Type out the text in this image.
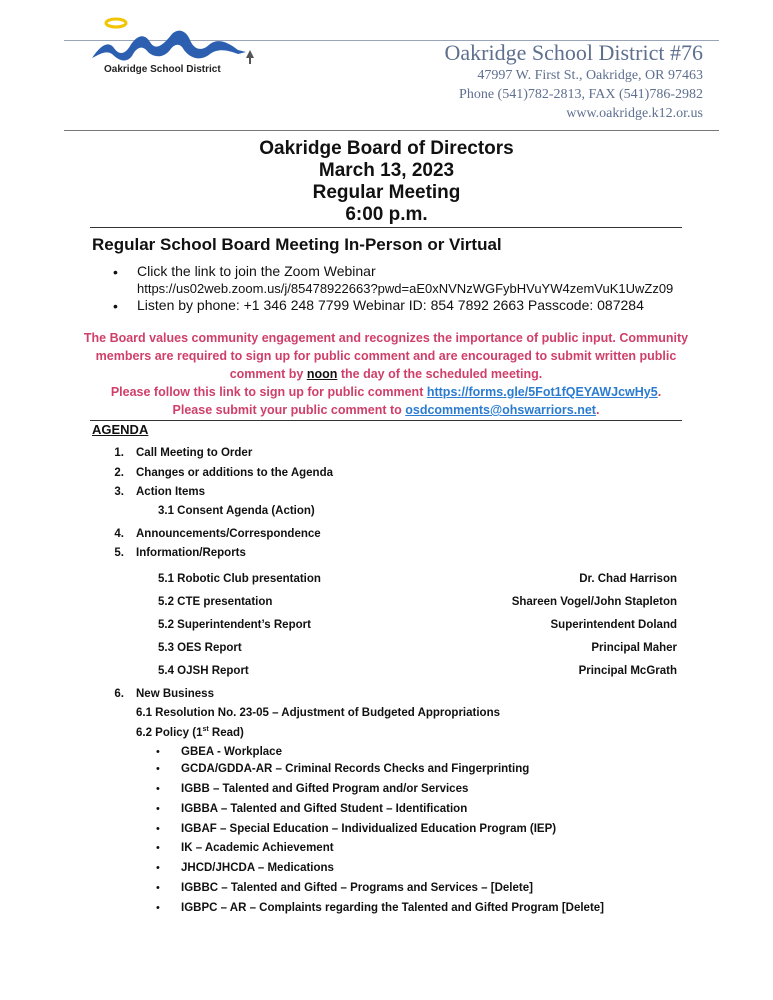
Oakridge School District
Oakridge School District #76
47997 W. First St., Oakridge, OR 97463
Phone (541)782-2813, FAX (541)786-2982
www.oakridge.k12.or.us
Oakridge Board of Directors
March 13, 2023
Regular Meeting
6:00 p.m.
Regular School Board Meeting In-Person or Virtual
• Click the link to join the Zoom Webinar
https://us02web.zoom.us/j/85478922663?pwd=aE0xNVNzWGFybHVuYW4zemVuK1UwZz09
• Listen by phone: +1 346 248 7799 Webinar ID: 854 7892 2663 Passcode: 087284
The Board values community engagement and recognizes the importance of public input. Community
members are required to sign up for public comment and are encouraged to submit written public
comment by noon the day of the scheduled meeting.
Please follow this link to sign up for public comment https://forms.gle/5Fot1fQEYAWJcwHy5.
Please submit your public comment to osdcomments@ohswarriors.net.
AGENDA
1. Call Meeting to Order
2. Changes or additions to the Agenda
3. Action Items
3.1 Consent Agenda (Action)
4. Announcements/Correspondence
5. Information/Reports
5.1 Robotic Club presentation	Dr. Chad Harrison
5.2 CTE presentation	Shareen Vogel/John Stapleton
5.2 Superintendent’s Report	Superintendent Doland
5.3 OES Report	Principal Maher
5.4 OJSH Report	Principal McGrath
6. New Business
6.1 Resolution No. 23-05 – Adjustment of Budgeted Appropriations
6.2 Policy (1st Read)
• GBEA - Workplace
• GCDA/GDDA-AR – Criminal Records Checks and Fingerprinting
• IGBB – Talented and Gifted Program and/or Services
• IGBBA – Talented and Gifted Student – Identification
• IGBAF – Special Education – Individualized Education Program (IEP)
• IK – Academic Achievement
• JHCD/JHCDA – Medications
• IGBBC – Talented and Gifted – Programs and Services – [Delete]
• IGBPC – AR – Complaints regarding the Talented and Gifted Program [Delete]
